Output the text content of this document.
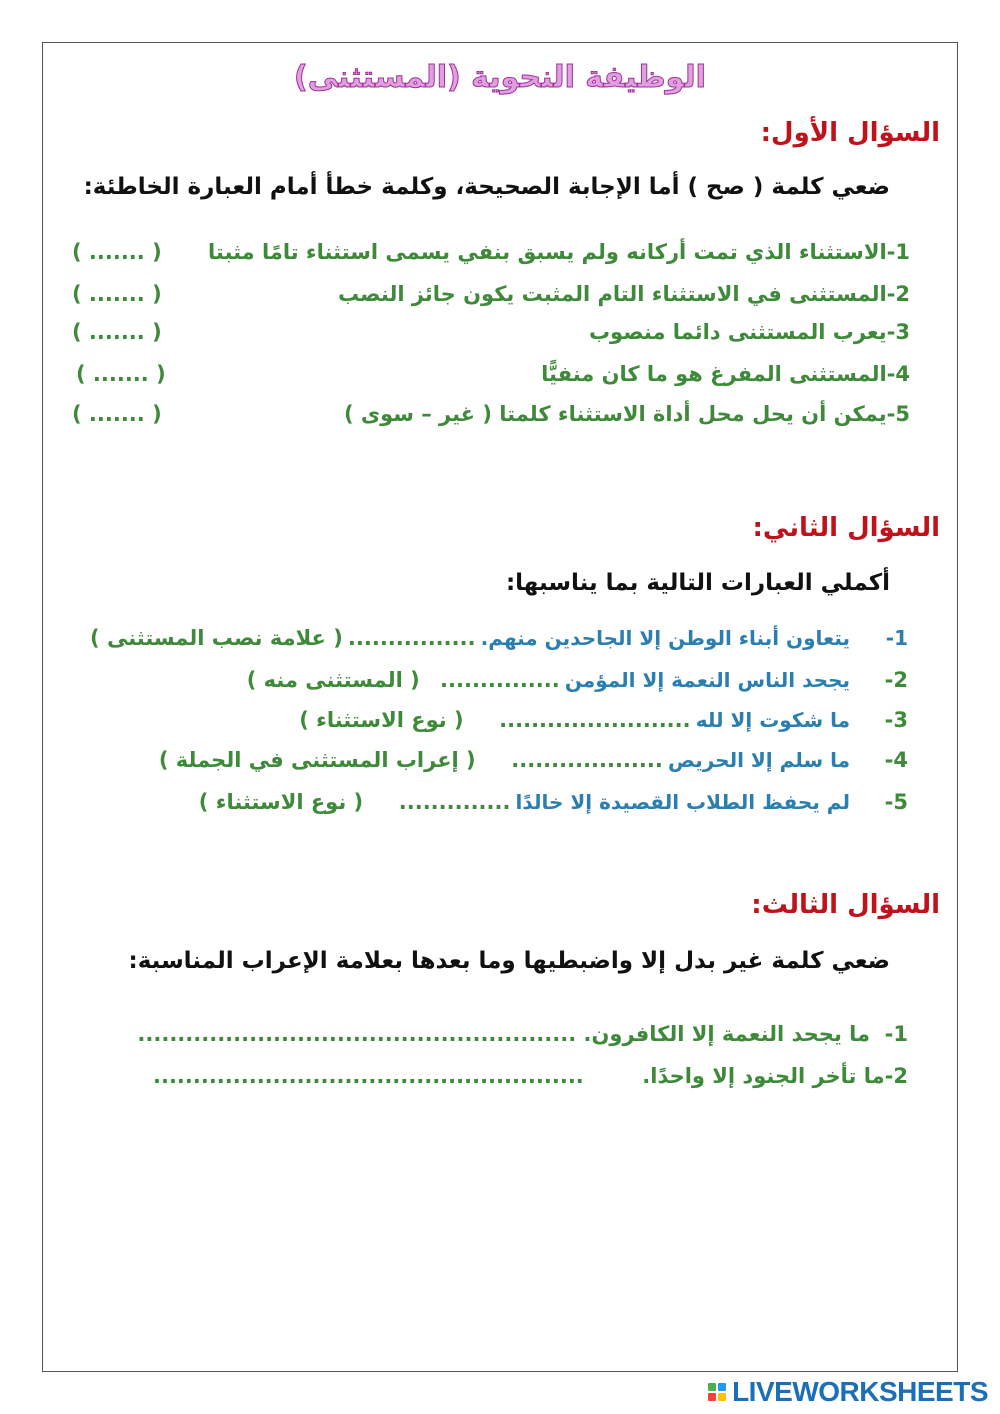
الوظيفة النحوية (المستثنى)
السؤال الأول:
ضعي كلمة ( صح ) أما الإجابة الصحيحة، وكلمة خطأ أمام العبارة الخاطئة:
1-الاستثناء الذي تمت أركانه ولم يسبق بنفي يسمى استثناء تامًا مثبتا
( ....... )
2-المستثنى في الاستثناء التام المثبت يكون جائز النصب
( ....... )
3-يعرب المستثنى دائما منصوب
( ....... )
4-المستثنى المفرغ هو ما كان منفيًّا
( ....... )
5-يمكن أن يحل محل أداة الاستثناء كلمتا ( غير – سوى )
( ....... )
السؤال الثاني:
أكملي العبارات التالية بما يناسبها:
1-
يتعاون أبناء الوطن إلا الجاحدين منهم. ................ ( علامة نصب المستثنى )
2-
يجحد الناس النعمة إلا المؤمن ...............    ( المستثنى منه )
3-
ما شكوت إلا لله ........................       ( نوع الاستثناء )
4-
ما سلم إلا الحريص ...................       ( إعراب المستثنى في الجملة )
5-
لم يحفظ الطلاب القصيدة إلا خالدًا ..............       ( نوع الاستثناء )
السؤال الثالث:
ضعي كلمة غير بدل إلا واضبطيها وما بعدها بعلامة الإعراب المناسبة:
1-  ما يجحد النعمة إلا الكافرون. .......................................................
2-ما تأخر الجنود إلا واحدًا.        ......................................................
LIVEWORKSHEETS
